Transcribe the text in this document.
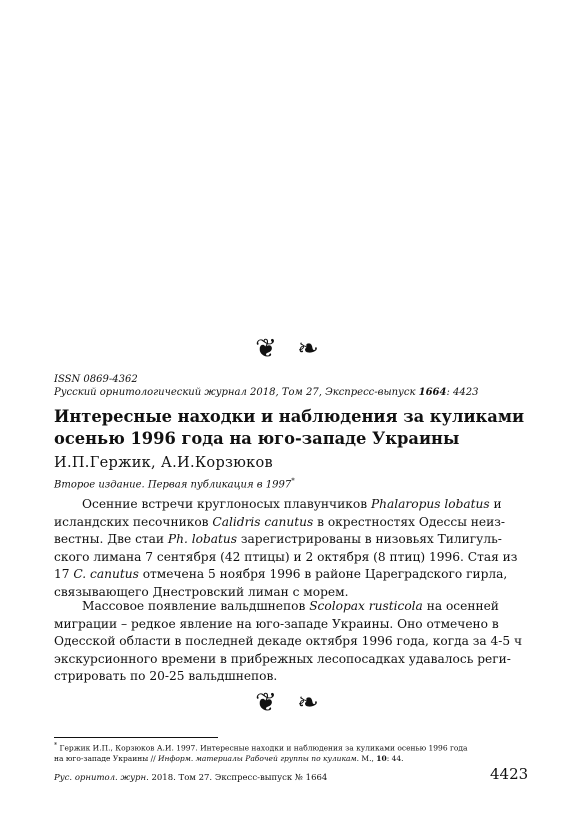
❦ ❧
ISSN 0869-4362
Русский орнитологический журнал 2018, Том 27, Экспресс-выпуск 1664: 4423
Интересные находки и наблюдения за куликами
осенью 1996 года на юго-западе Украины
И.П.Гержик, А.И.Корзюков
Второе издание. Первая публикация в 1997*

Осенние встречи круглоносых плавунчиков Phalaropus lobatus и

исландских песочников Calidris canutus в окрестностях Одессы неиз-
вестны. Две стаи Ph. lobatus зарегистрированы в низовьях Тилигуль-
ского лимана 7 сентября (42 птицы) и 2 октября (8 птиц) 1996. Стая из
17 C. canutus отмечена 5 ноября 1996 в районе Цареградского гирла,
связывающего Днестровский лиман с морем.

Массовое появление вальдшнепов Scolopax rusticola на осенней

миграции – редкое явление на юго-западе Украины. Оно отмечено в
Одесской области в последней декаде октября 1996 года, когда за 4-5 ч
экскурсионного времени в прибрежных лесопосадках удавалось реги-
стрировать по 20-25 вальдшнепов.
❦ ❧
* Гержик И.П., Корзюков А.И. 1997. Интересные находки и наблюдения за куликами осенью 1996 года
на юго-западе Украины // Информ. материалы Рабочей группы по куликам. М., 10: 44.
Рус. орнитол. журн. 2018. Том 27. Экспресс-выпуск № 1664	4423
